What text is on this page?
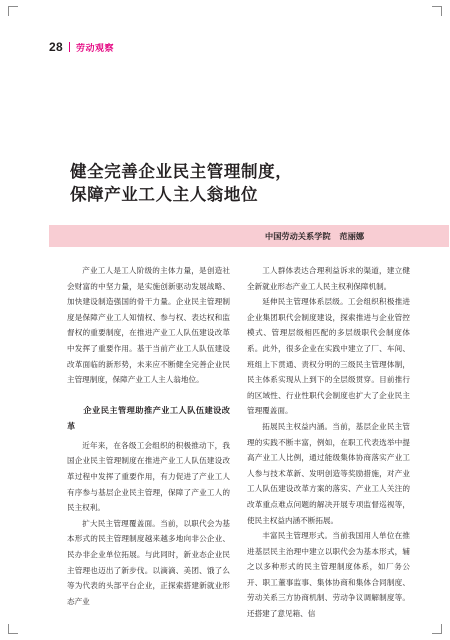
28 劳动观察
健全完善企业民主管理制度，
保障产业工人主人翁地位
中国劳动关系学院 范丽娜

产业工人是工人阶级的主体力量，是创造社会财富的中坚力量，是实施创新驱动发展战略、加快建设制造强国的骨干力量。企业民主管理制度是保障产业工人知情权、参与权、表达权和监督权的重要制度，在推进产业工人队伍建设改革中发挥了重要作用。基于当前产业工人队伍建设改革面临的新形势，未来应不断健全完善企业民主管理制度，保障产业工人主人翁地位。

企业民主管理助推产业工人队伍建设改革

近年来，在各级工会组织的积极推动下，我国企业民主管理制度在推进产业工人队伍建设改革过程中发挥了重要作用，有力促进了产业工人有序参与基层企业民主管理，保障了产业工人的民主权利。

扩大民主管理覆盖面。当前，以职代会为基本形式的民主管理制度越来越多地向非公企业、民办非企业单位拓展。与此同时，新业态企业民主管理也迈出了新步伐。以滴滴、美团、饿了么等为代表的头部平台企业，正探索搭建新就业形态产业

工人群体表达合理利益诉求的渠道，建立健全新就业形态产业工人民主权利保障机制。

延伸民主管理体系层级。工会组织积极推进企业集团职代会制度建设，探索推进与企业管控模式、管理层级相匹配的多层级职代会制度体系。此外，很多企业在实践中建立了厂、车间、班组上下贯通、责权分明的三级民主管理体制，民主体系实现从上到下的全层级贯穿。目前推行的区域性、行业性职代会制度也扩大了企业民主管理覆盖面。

拓展民主权益内涵。当前，基层企业民主管理的实践不断丰富，例如，在职工代表选举中提高产业工人比例，通过能级集体协商落实产业工人参与技术革新、发明创造等奖励措施，对产业工人队伍建设改革方案的落实、产业工人关注的改革重点难点问题的解决开展专项监督巡视等，使民主权益内涵不断拓展。

丰富民主管理形式。当前我国用人单位在推进基层民主治理中建立以职代会为基本形式，辅之以多种形式的民主管理制度体系，如厂务公开、职工董事监事、集体协商和集体合同制度、劳动关系三方协商机制、劳动争议调解制度等。还搭建了意见箱、信
